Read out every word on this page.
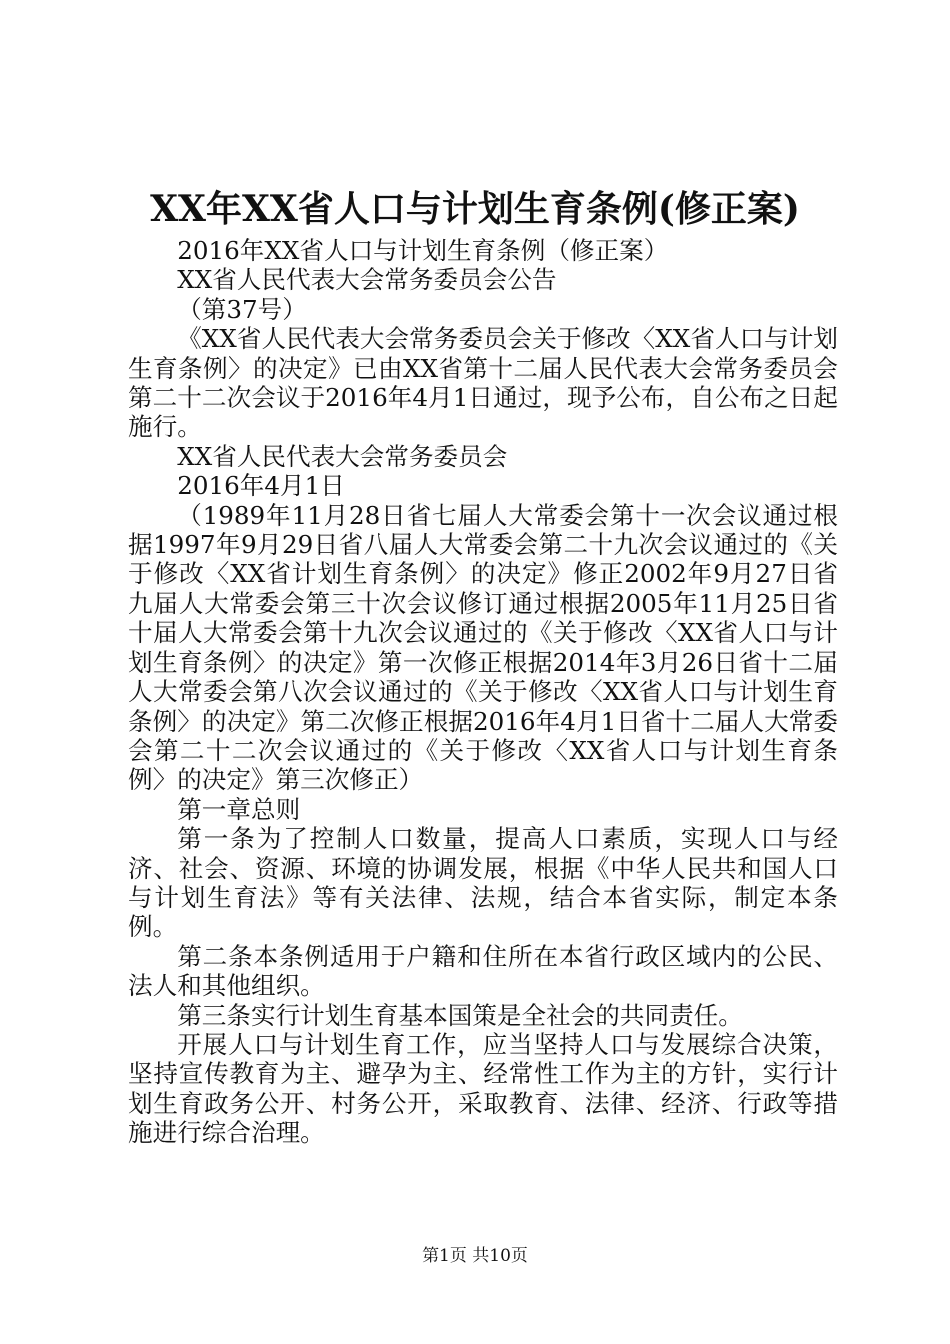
XX年XX省人口与计划生育条例(修正案)

2016年XX省人口与计划生育条例（修正案）

XX省人民代表大会常务委员会公告

（第37号）

《XX省人民代表大会常务委员会关于修改〈XX省人口与计划生育条例〉的决定》已由XX省第十二届人民代表大会常务委员会第二十二次会议于2016年4月1日通过，现予公布，自公布之日起施行。

XX省人民代表大会常务委员会

2016年4月1日

（1989年11月28日省七届人大常委会第十一次会议通过根据1997年9月29日省八届人大常委会第二十九次会议通过的《关于修改〈XX省计划生育条例〉的决定》修正2002年9月27日省九届人大常委会第三十次会议修订通过根据2005年11月25日省十届人大常委会第十九次会议通过的《关于修改〈XX省人口与计划生育条例〉的决定》第一次修正根据2014年3月26日省十二届人大常委会第八次会议通过的《关于修改〈XX省人口与计划生育条例〉的决定》第二次修正根据2016年4月1日省十二届人大常委会第二十二次会议通过的《关于修改〈XX省人口与计划生育条例〉的决定》第三次修正）

第一章总则

第一条为了控制人口数量，提高人口素质，实现人口与经济、社会、资源、环境的协调发展，根据《中华人民共和国人口与计划生育法》等有关法律、法规，结合本省实际，制定本条例。

第二条本条例适用于户籍和住所在本省行政区域内的公民、法人和其他组织。

第三条实行计划生育基本国策是全社会的共同责任。

开展人口与计划生育工作，应当坚持人口与发展综合决策，坚持宣传教育为主、避孕为主、经常性工作为主的方针，实行计划生育政务公开、村务公开，采取教育、法律、经济、行政等措施进行综合治理。

第1页 共10页
